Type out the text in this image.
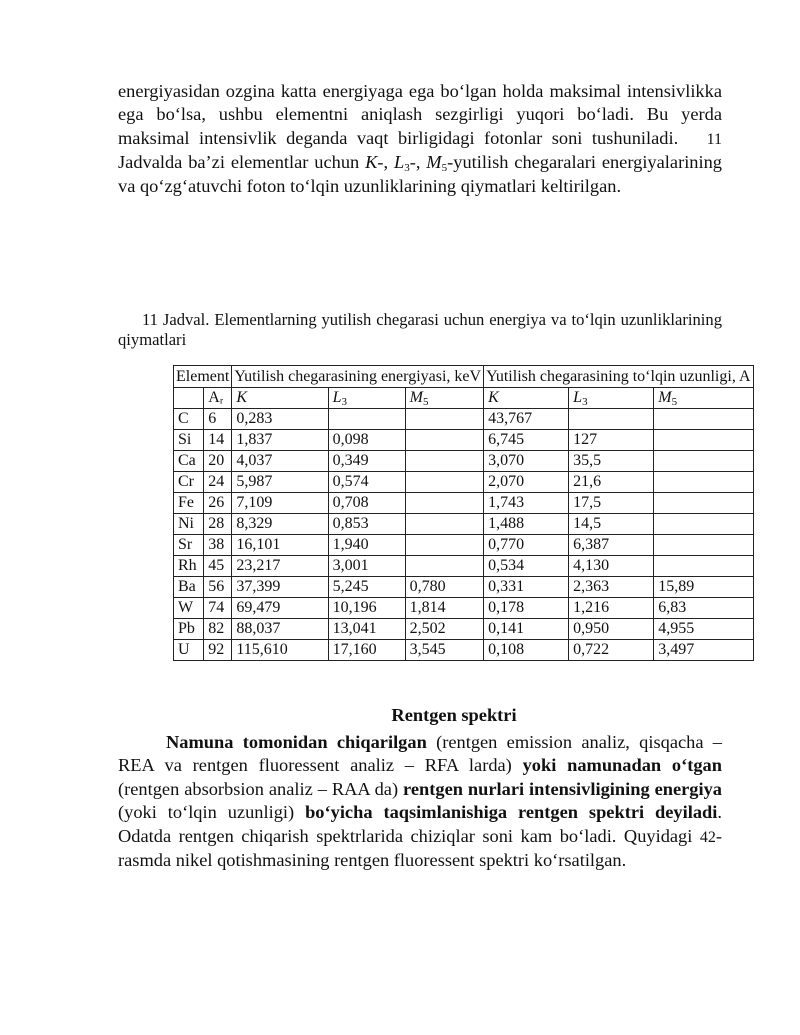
energiyasidan ozgina katta energiyaga ega bo‘lgan holda maksimal intensivlikka ega bo‘lsa, ushbu elementni aniqlash sezgirligi yuqori bo‘ladi. Bu yerda maksimal intensivlik deganda vaqt birligidagi fotonlar soni tushuniladi. 11 Jadvalda ba’zi elementlar uchun K-, $L_3-$, $M_5$-yutilish chegaralari energiyalarining va qo‘zg‘atuvchi foton to‘lqin uzunliklarining qiymatlari keltirilgan.

11 Jadval. Elementlarning yutilish chegarasi uchun energiya va to‘lqin uzunliklarining qiymatlari

Element		Yutilish chegarasining energiyasi, keV			Yutilish chegarasining to‘lqin uzunligi, A		
	Aᵣ	K	$L_3$	$M_5$	K	$L_3$	$M_5$
C	6	0,283			43,767		
Si	14	1,837	0,098		6,745	127	
Ca	20	4,037	0,349		3,070	35,5	
Cr	24	5,987	0,574		2,070	21,6	
Fe	26	7,109	0,708		1,743	17,5	
Ni	28	8,329	0,853		1,488	14,5	
Sr	38	16,101	1,940		0,770	6,387	
Rh	45	23,217	3,001		0,534	4,130	
Ba	56	37,399	5,245	0,780	0,331	2,363	15,89
W	74	69,479	10,196	1,814	0,178	1,216	6,83
Pb	82	88,037	13,041	2,502	0,141	0,950	4,955
U	92	115,610	17,160	3,545	0,108	0,722	3,497

Rentgen spektri

Namuna tomonidan chiqarilgan (rentgen emission analiz, qisqacha – REA va rentgen fluoressent analiz – RFA larda) yoki namunadan o‘tgan (rentgen absorbsion analiz – RAA da) rentgen nurlari intensivligining energiya (yoki to‘lqin uzunligi) bo‘yicha taqsimlanishiga rentgen spektri deyiladi. Odatda rentgen chiqarish spektrlarida chiziqlar soni kam bo‘ladi. Quyidagi 42-rasmda nikel qotishmasining rentgen fluoressent spektri ko‘rsatilgan.
